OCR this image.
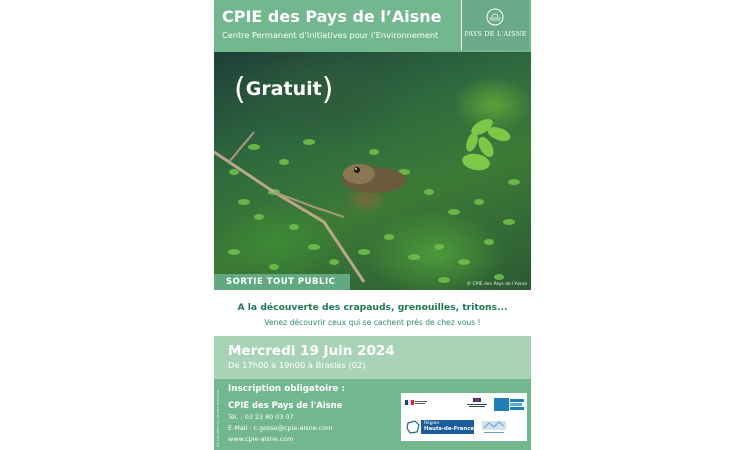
CPIE des Pays de l’Aisne
Centre Permanent d’Initiatives pour l’Environnement	PAYS DE L'AISNE
(Gratuit)
© CPIE des Pays de l'Aisne
SORTIE TOUT PUBLIC
A la découverte des crapauds, grenouilles, tritons...
Venez découvrir ceux qui se cachent près de chez vous !
Mercredi 19 Juin 2024
De 17h00 à 19h00 à Brasles (02)
Ne pas jeter sur la voie publique
Inscription obligatoire :
CPIE des Pays de l'Aisne
Tél. : 03 23 80 03 07
E-Mail : c.gosse@cpie-aisne.com
www.cpie-aisne.com
Région
Hauts-de-France
